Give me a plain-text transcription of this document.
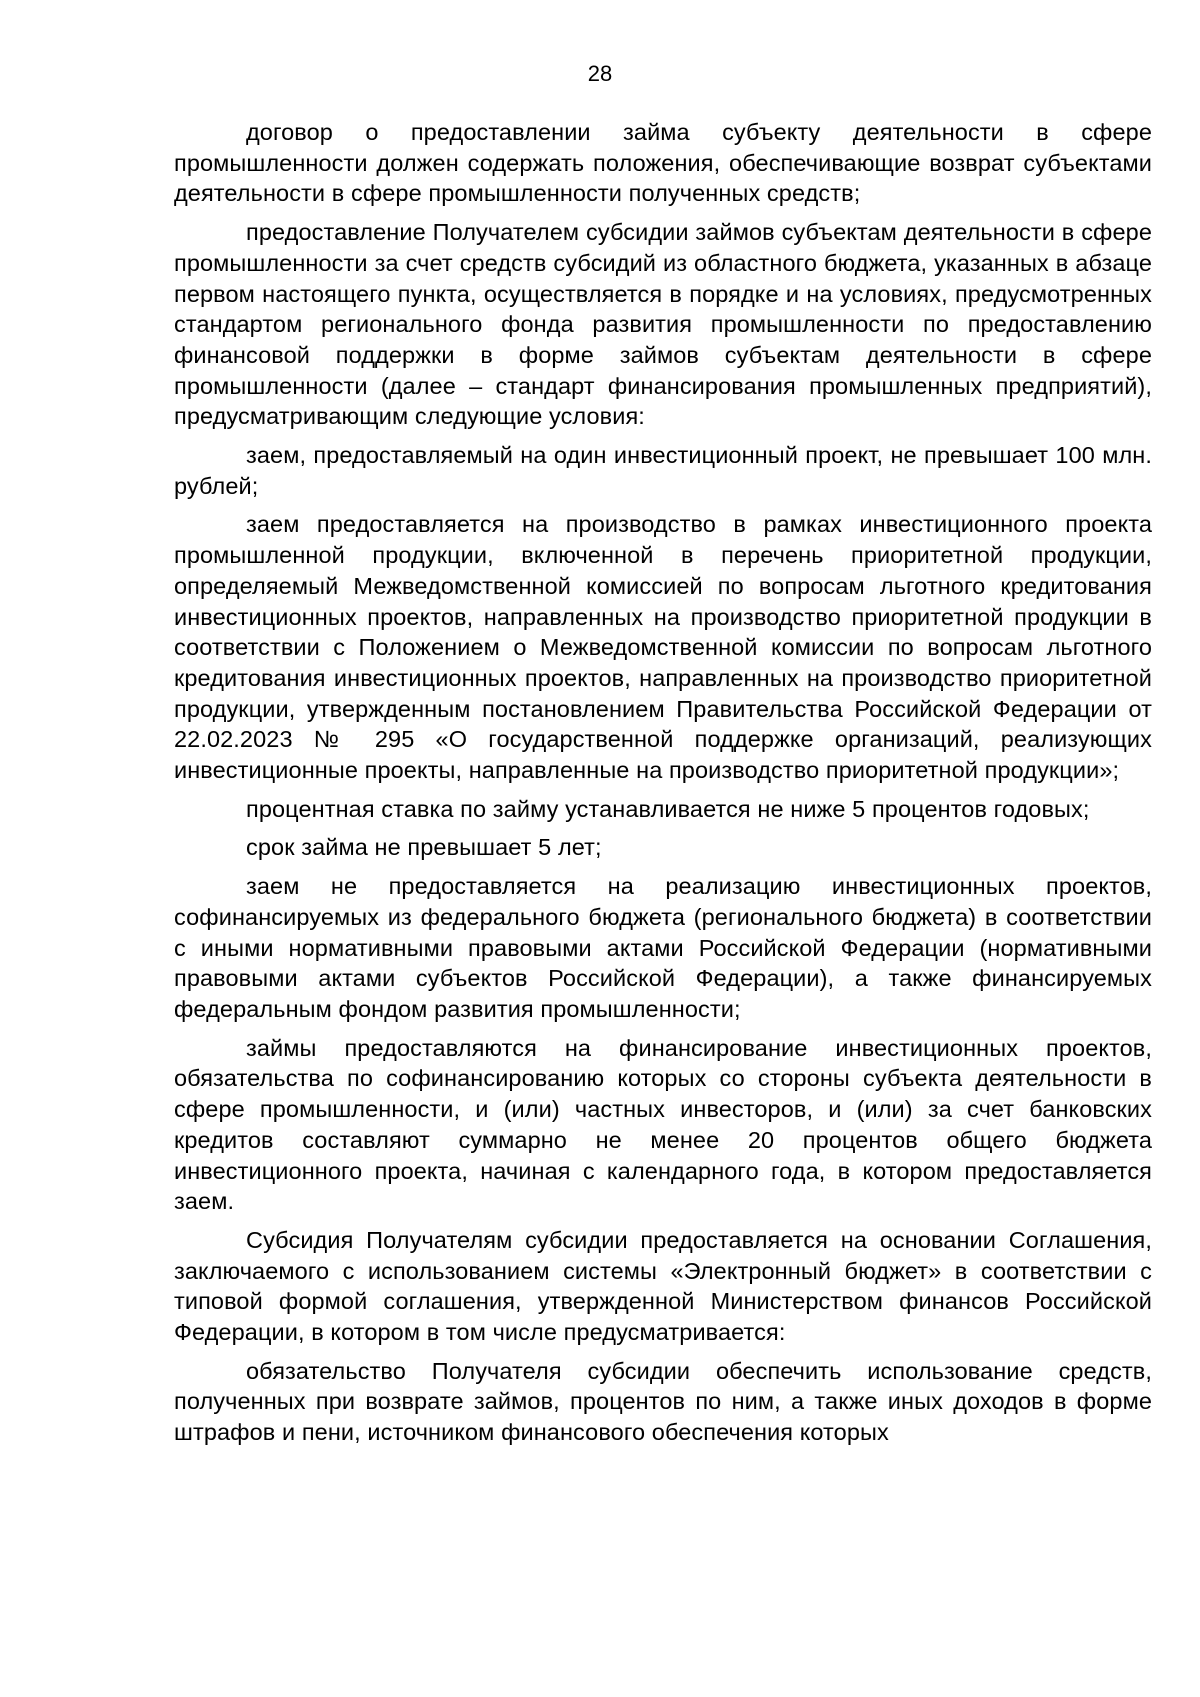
28

договор о предоставлении займа субъекту деятельности в сфере промышленности должен содержать положения, обеспечивающие возврат субъектами деятельности в сфере промышленности полученных средств;

предоставление Получателем субсидии займов субъектам деятельности в сфере промышленности за счет средств субсидий из областного бюджета, указанных в абзаце первом настоящего пункта, осуществляется в порядке и на условиях, предусмотренных стандартом регионального фонда развития промышленности по предоставлению финансовой поддержки в форме займов субъектам деятельности в сфере промышленности (далее – стандарт финансирования промышленных предприятий), предусматривающим следующие условия:

заем, предоставляемый на один инвестиционный проект, не превышает 100 млн. рублей;

заем предоставляется на производство в рамках инвестиционного проекта промышленной продукции, включенной в перечень приоритетной продукции, определяемый Межведомственной комиссией по вопросам льготного кредитования инвестиционных проектов, направленных на производство приоритетной продукции в соответствии с Положением о Межведомственной комиссии по вопросам льготного кредитования инвестиционных проектов, направленных на производство приоритетной продукции, утвержденным постановлением Правительства Российской Федерации от 22.02.2023 № 295 «О государственной поддержке организаций, реализующих инвестиционные проекты, направленные на производство приоритетной продукции»;

процентная ставка по займу устанавливается не ниже 5 процентов годовых;

срок займа не превышает 5 лет;

заем не предоставляется на реализацию инвестиционных проектов, софинансируемых из федерального бюджета (регионального бюджета) в соответствии с иными нормативными правовыми актами Российской Федерации (нормативными правовыми актами субъектов Российской Федерации), а также финансируемых федеральным фондом развития промышленности;

займы предоставляются на финансирование инвестиционных проектов, обязательства по софинансированию которых со стороны субъекта деятельности в сфере промышленности, и (или) частных инвесторов, и (или) за счет банковских кредитов составляют суммарно не менее 20 процентов общего бюджета инвестиционного проекта, начиная с календарного года, в котором предоставляется заем.

Субсидия Получателям субсидии предоставляется на основании Соглашения, заключаемого с использованием системы «Электронный бюджет» в соответствии с типовой формой соглашения, утвержденной Министерством финансов Российской Федерации, в котором в том числе предусматривается:

обязательство Получателя субсидии обеспечить использование средств, полученных при возврате займов, процентов по ним, а также иных доходов в форме штрафов и пени, источником финансового обеспечения которых
